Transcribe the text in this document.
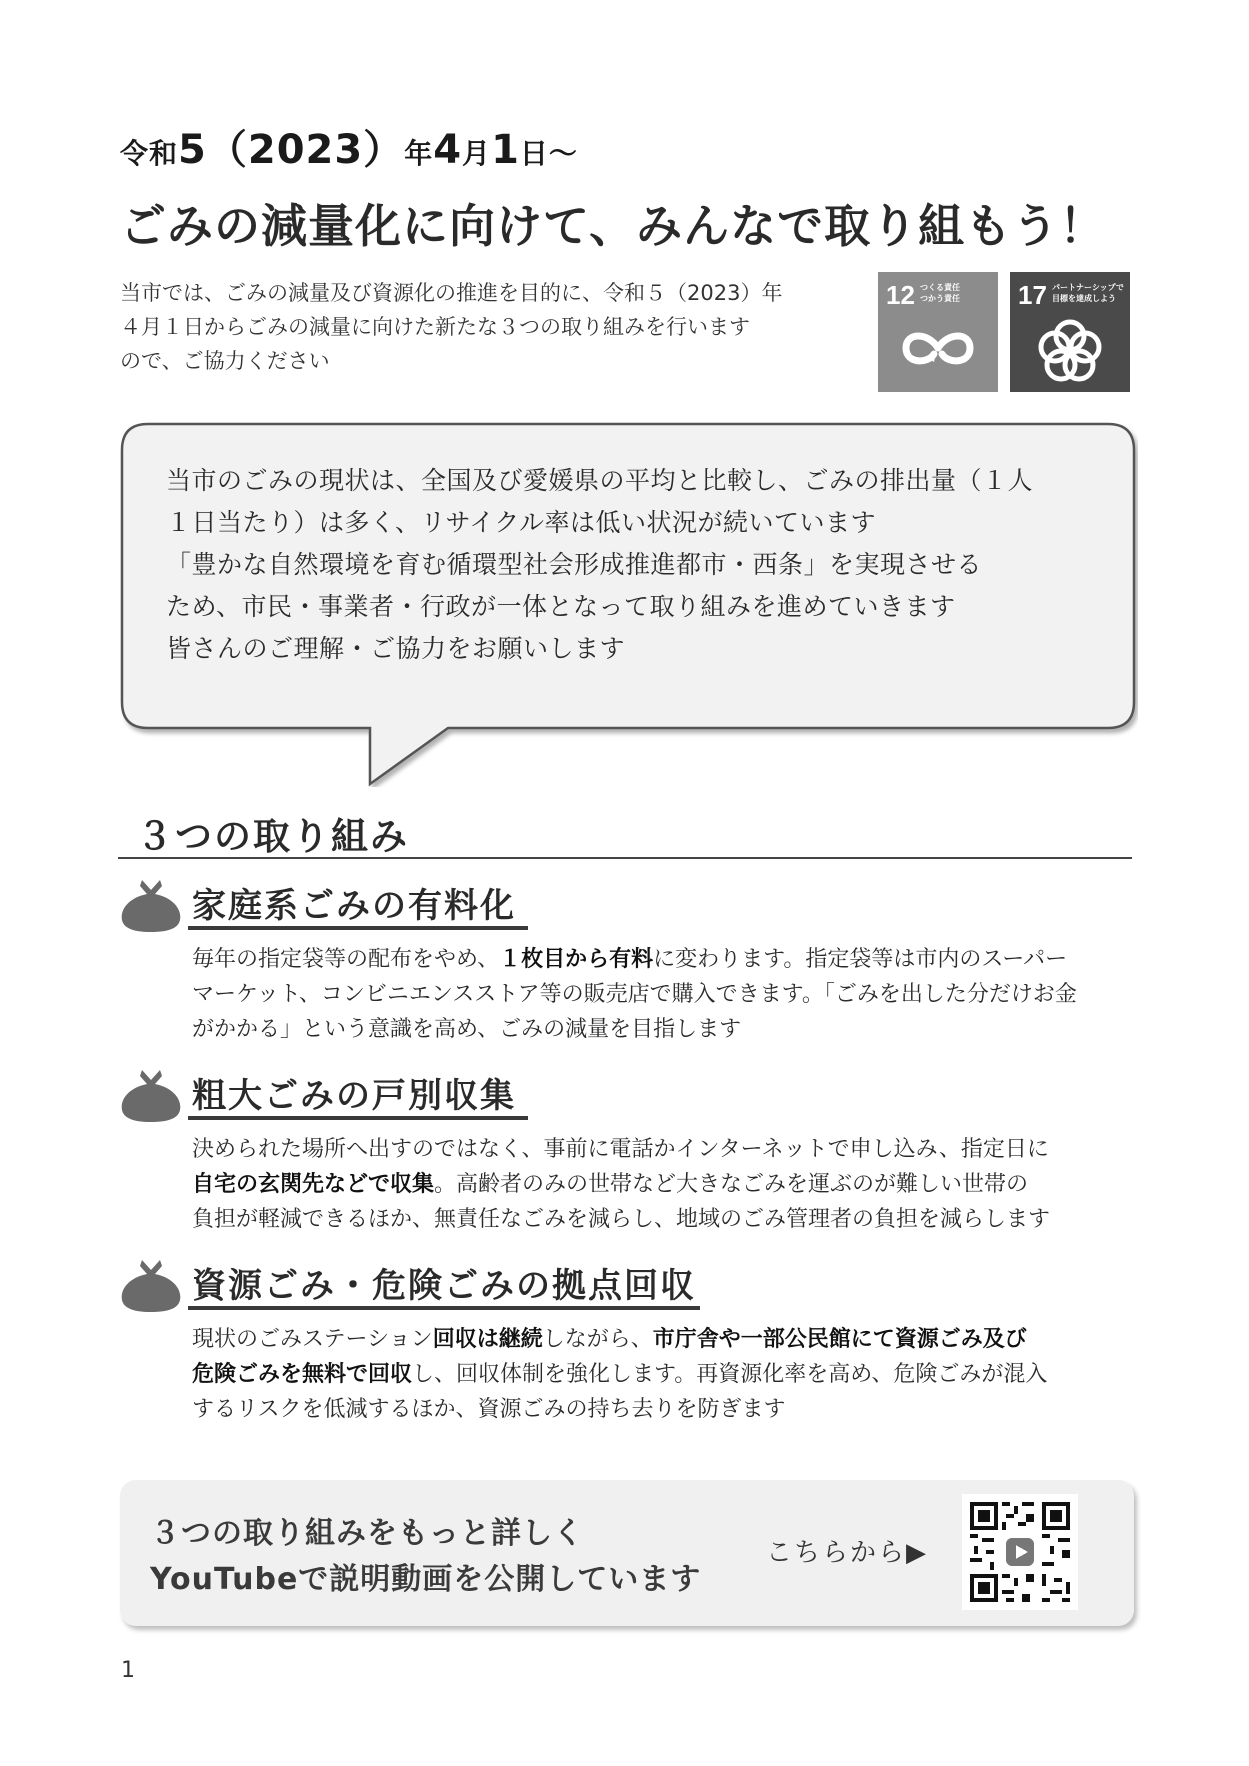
令和5（2023）年4月1日～
ごみの減量化に向けて、みんなで取り組もう！
当市では、ごみの減量及び資源化の推進を目的に、令和５（2023）年
４月１日からごみの減量に向けた新たな３つの取り組みを行います
ので、ご協力ください
12 つくる責任
つかう責任 17 パートナーシップで
目標を達成しよう
当市のごみの現状は、全国及び愛媛県の平均と比較し、ごみの排出量（１人
１日当たり）は多く、リサイクル率は低い状況が続いています
「豊かな自然環境を育む循環型社会形成推進都市・西条」を実現させる
ため、市民・事業者・行政が一体となって取り組みを進めていきます
皆さんのご理解・ご協力をお願いします
３つの取り組み
家庭系ごみの有料化
毎年の指定袋等の配布をやめ、１枚目から有料に変わります。指定袋等は市内のスーパー
マーケット、コンビニエンスストア等の販売店で購入できます。「ごみを出した分だけお金
がかかる」という意識を高め、ごみの減量を目指します
粗大ごみの戸別収集
決められた場所へ出すのではなく、事前に電話かインターネットで申し込み、指定日に
自宅の玄関先などで収集。高齢者のみの世帯など大きなごみを運ぶのが難しい世帯の
負担が軽減できるほか、無責任なごみを減らし、地域のごみ管理者の負担を減らします
資源ごみ・危険ごみの拠点回収
現状のごみステーション回収は継続しながら、市庁舎や一部公民館にて資源ごみ及び
危険ごみを無料で回収し、回収体制を強化します。再資源化率を高め、危険ごみが混入
するリスクを低減するほか、資源ごみの持ち去りを防ぎます
３つの取り組みをもっと詳しく
YouTubeで説明動画を公開しています
こちらから▶
1
